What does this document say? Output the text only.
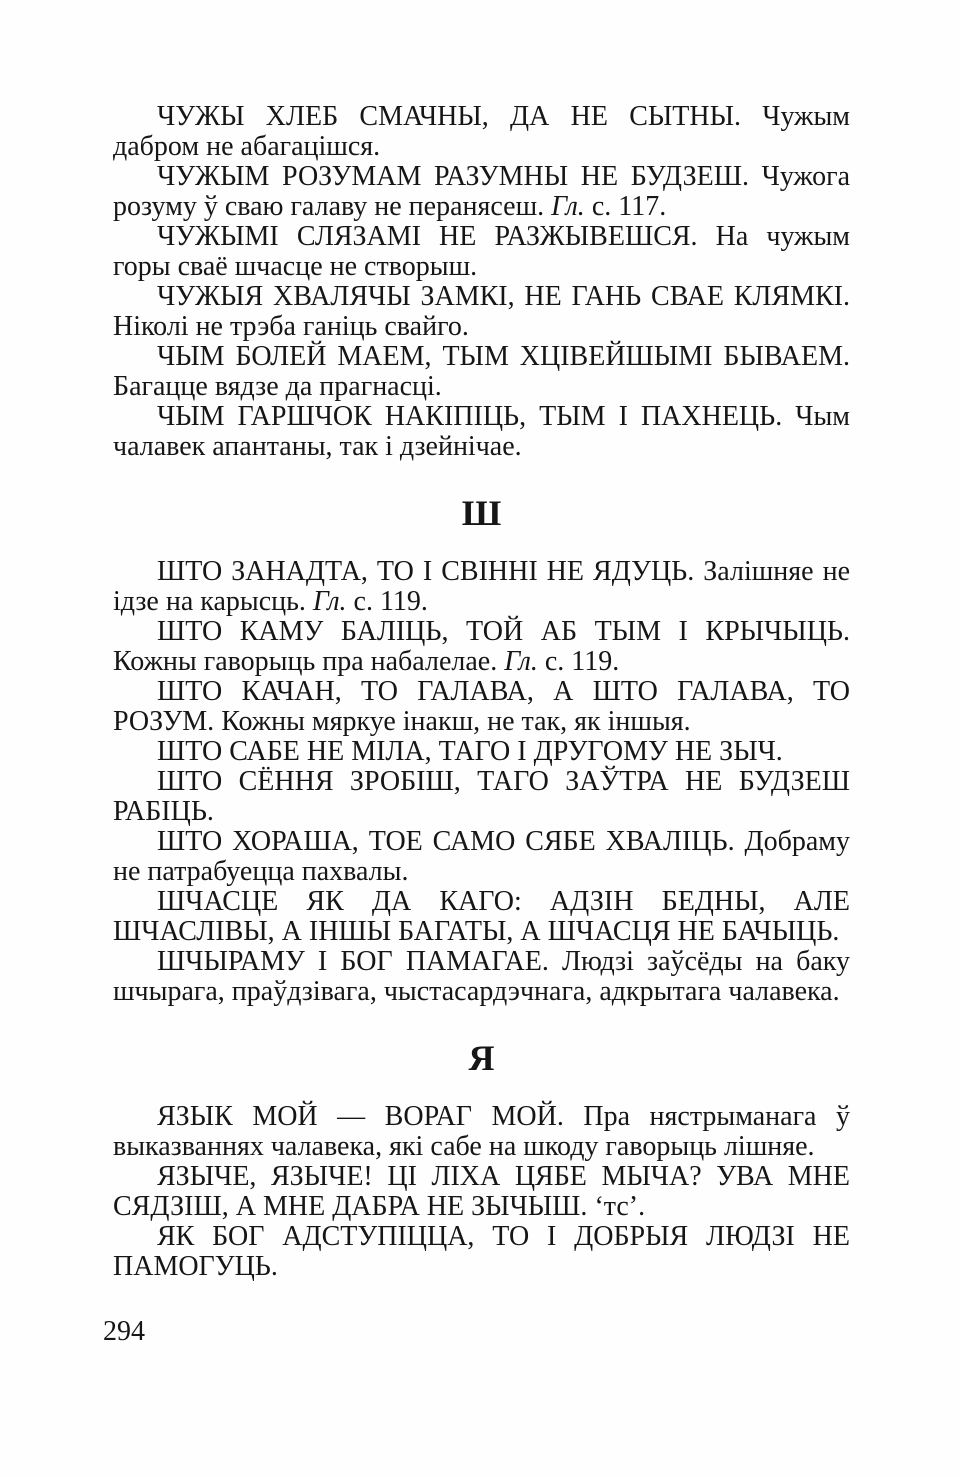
ЧУЖЫ ХЛЕБ СМАЧНЫ, ДА НЕ СЫТНЫ. Чужым дабром не абагацішся.

ЧУЖЫМ РОЗУМАМ РАЗУМНЫ НЕ БУДЗЕШ. Чужога розуму ў сваю галаву не перанясеш. Гл. с. 117.

ЧУЖЫМІ СЛЯЗАМІ НЕ РАЗЖЫВЕШСЯ. На чужым горы сваё шчасце не створыш.

ЧУЖЫЯ ХВАЛЯЧЫ ЗАМКІ, НЕ ГАНЬ СВАЕ КЛЯМКІ. Ніколі не трэба ганіць свайго.

ЧЫМ БОЛЕЙ МАЕМ, ТЫМ ХЦІВЕЙШЫМІ БЫВАЕМ. Багацце вядзе да прагнасці.

ЧЫМ ГАРШЧОК НАКІПІЦЬ, ТЫМ І ПАХНЕЦЬ. Чым чалавек апантаны, так і дзейнічае.

Ш

ШТО ЗАНАДТА, ТО І СВІННІ НЕ ЯДУЦЬ. Залішняе не ідзе на карысць. Гл. с. 119.

ШТО КАМУ БАЛІЦЬ, ТОЙ АБ ТЫМ І КРЫЧЫЦЬ. Кожны гаворыць пра набалелае. Гл. с. 119.

ШТО КАЧАН, ТО ГАЛАВА, А ШТО ГАЛАВА, ТО РОЗУМ. Кожны мяркуе інакш, не так, як іншыя.

ШТО САБЕ НЕ МІЛА, ТАГО І ДРУГОМУ НЕ ЗЫЧ.

ШТО СЁННЯ ЗРОБІШ, ТАГО ЗАЎТРА НЕ БУДЗЕШ РАБІЦЬ.

ШТО ХОРАША, ТОЕ САМО СЯБЕ ХВАЛІЦЬ. Добраму не патрабуецца пахвалы.

ШЧАСЦЕ ЯК ДА КАГО: АДЗІН БЕДНЫ, АЛЕ ШЧАСЛІВЫ, А ІНШЫ БАГАТЫ, А ШЧАСЦЯ НЕ БАЧЫЦЬ.

ШЧЫРАМУ І БОГ ПАМАГАЕ. Людзі заўсёды на баку шчырага, праўдзівага, чыстасардэчнага, адкрытага чалавека.

Я

ЯЗЫК МОЙ — ВОРАГ МОЙ. Пра нястрыманага ў выказваннях чалавека, які сабе на шкоду гаворыць лішняе.

ЯЗЫЧЕ, ЯЗЫЧЕ! ЦІ ЛІХА ЦЯБЕ МЫЧА? УВА МНЕ СЯДЗІШ, А МНЕ ДАБРА НЕ ЗЫЧЫШ. ‘тс’.

ЯК БОГ АДСТУПІЦЦА, ТО І ДОБРЫЯ ЛЮДЗІ НЕ ПАМОГУЦЬ.

294
